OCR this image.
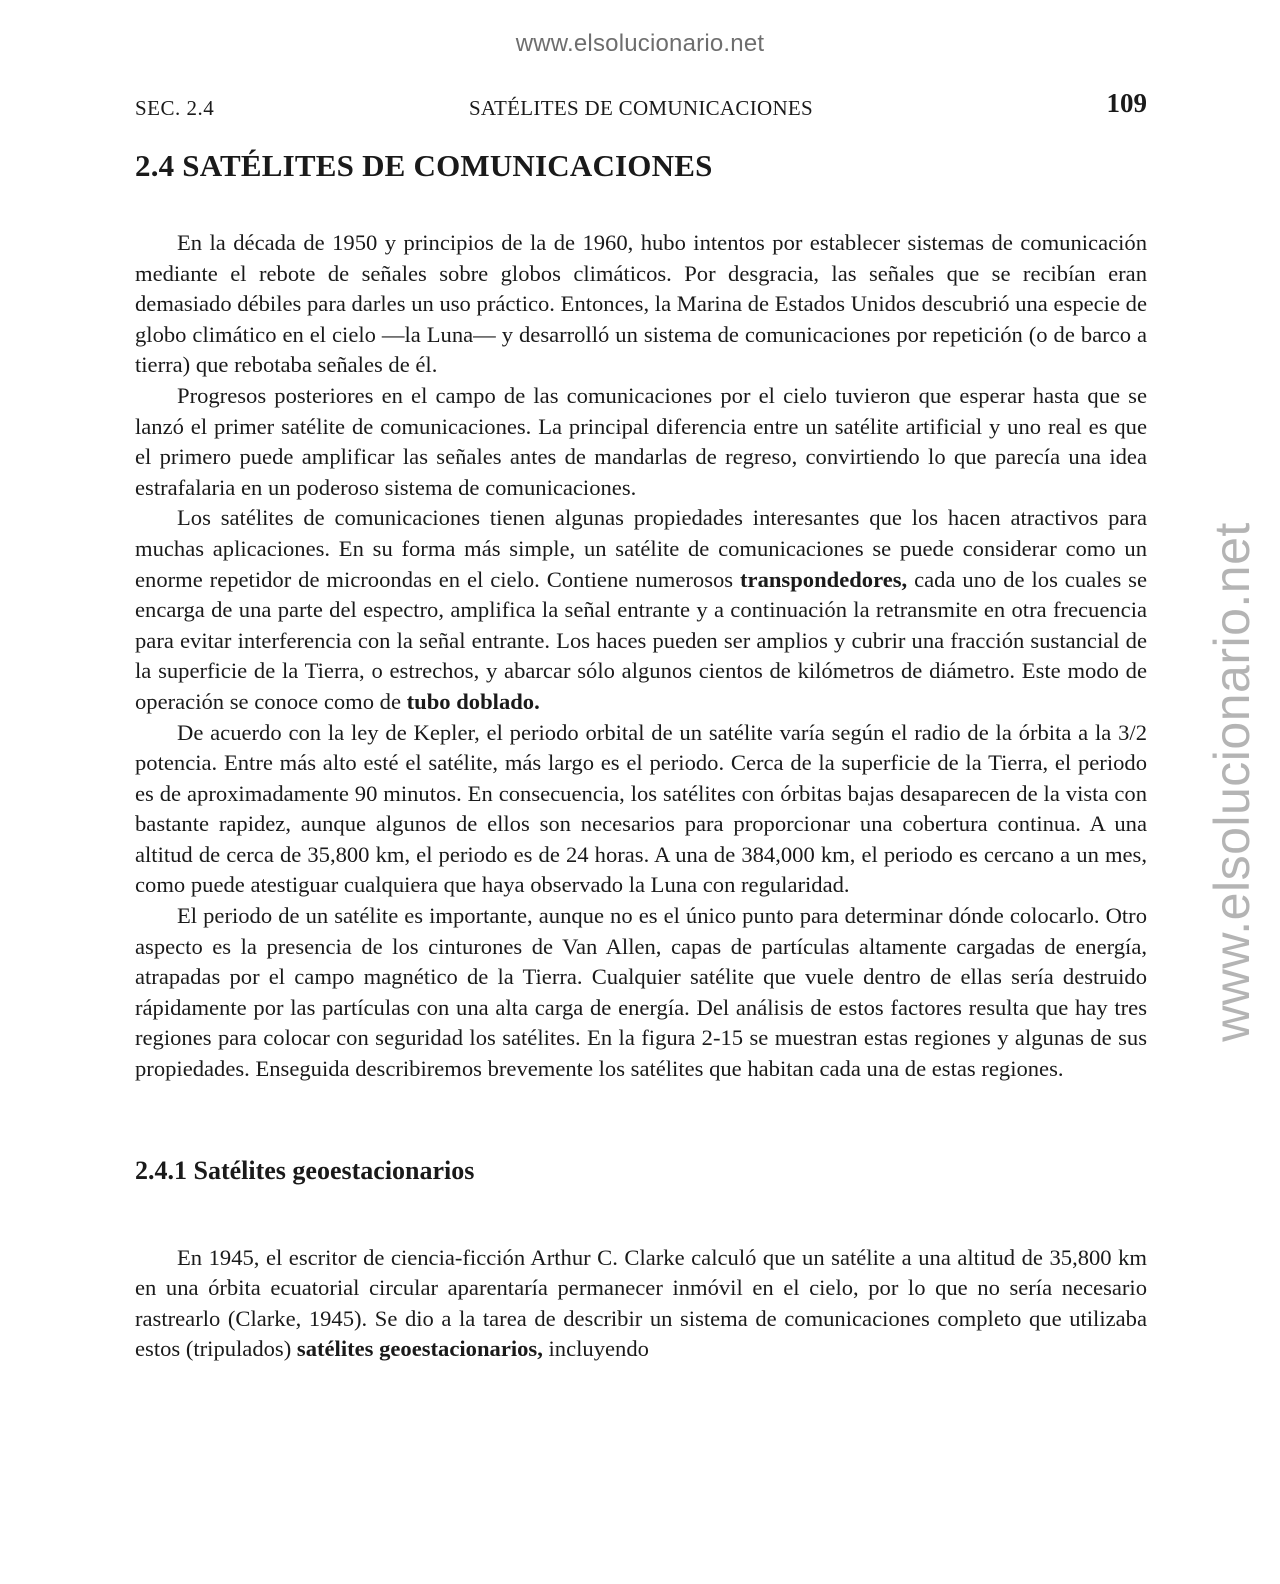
www.elsolucionario.net
www.elsolucionario.net
SEC. 2.4	SATÉLITES DE COMUNICACIONES	109
2.4 SATÉLITES DE COMUNICACIONES

En la década de 1950 y principios de la de 1960, hubo intentos por establecer sistemas de comunicación mediante el rebote de señales sobre globos climáticos. Por desgracia, las señales que se recibían eran demasiado débiles para darles un uso práctico. Entonces, la Marina de Estados Unidos descubrió una especie de globo climático en el cielo —la Luna— y desarrolló un sistema de comunicaciones por repetición (o de barco a tierra) que rebotaba señales de él.

Progresos posteriores en el campo de las comunicaciones por el cielo tuvieron que esperar hasta que se lanzó el primer satélite de comunicaciones. La principal diferencia entre un satélite artificial y uno real es que el primero puede amplificar las señales antes de mandarlas de regreso, convirtiendo lo que parecía una idea estrafalaria en un poderoso sistema de comunicaciones.

Los satélites de comunicaciones tienen algunas propiedades interesantes que los hacen atractivos para muchas aplicaciones. En su forma más simple, un satélite de comunicaciones se puede considerar como un enorme repetidor de microondas en el cielo. Contiene numerosos transpondedores, cada uno de los cuales se encarga de una parte del espectro, amplifica la señal entrante y a continuación la retransmite en otra frecuencia para evitar interferencia con la señal entrante. Los haces pueden ser amplios y cubrir una fracción sustancial de la superficie de la Tierra, o estrechos, y abarcar sólo algunos cientos de kilómetros de diámetro. Este modo de operación se conoce como de tubo doblado.

De acuerdo con la ley de Kepler, el periodo orbital de un satélite varía según el radio de la órbita a la 3/2 potencia. Entre más alto esté el satélite, más largo es el periodo. Cerca de la superficie de la Tierra, el periodo es de aproximadamente 90 minutos. En consecuencia, los satélites con órbitas bajas desaparecen de la vista con bastante rapidez, aunque algunos de ellos son necesarios para proporcionar una cobertura continua. A una altitud de cerca de 35,800 km, el periodo es de 24 horas. A una de 384,000 km, el periodo es cercano a un mes, como puede atestiguar cualquiera que haya observado la Luna con regularidad.

El periodo de un satélite es importante, aunque no es el único punto para determinar dónde colocarlo. Otro aspecto es la presencia de los cinturones de Van Allen, capas de partículas altamente cargadas de energía, atrapadas por el campo magnético de la Tierra. Cualquier satélite que vuele dentro de ellas sería destruido rápidamente por las partículas con una alta carga de energía. Del análisis de estos factores resulta que hay tres regiones para colocar con seguridad los satélites. En la figura 2-15 se muestran estas regiones y algunas de sus propiedades. Enseguida describiremos brevemente los satélites que habitan cada una de estas regiones.

2.4.1 Satélites geoestacionarios

En 1945, el escritor de ciencia-ficción Arthur C. Clarke calculó que un satélite a una altitud de 35,800 km en una órbita ecuatorial circular aparentaría permanecer inmóvil en el cielo, por lo que no sería necesario rastrearlo (Clarke, 1945). Se dio a la tarea de describir un sistema de comunicaciones completo que utilizaba estos (tripulados) satélites geoestacionarios, incluyendo
